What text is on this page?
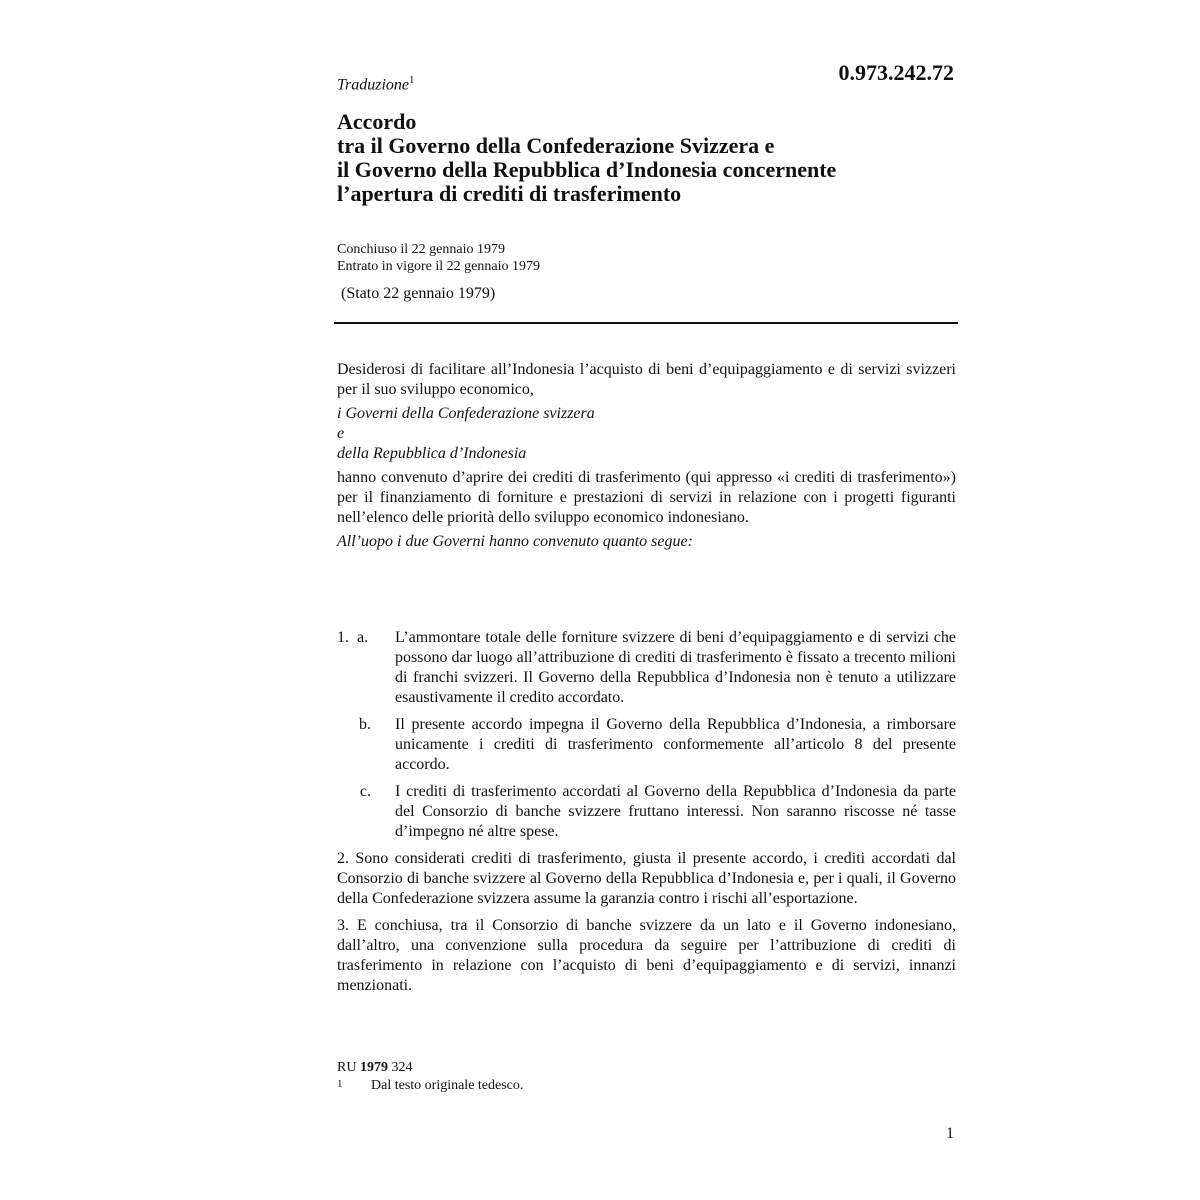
Traduzione$^1$	0.973.242.72
Accordo
tra il Governo della Confederazione Svizzera e
il Governo della Repubblica d’Indonesia concernente
l’apertura di crediti di trasferimento
Conchiuso il 22 gennaio 1979
Entrato in vigore il 22 gennaio 1979
(Stato 22 gennaio 1979)

Desiderosi di facilitare all’Indonesia l’acquisto di beni d’equipaggiamento e di servizi svizzeri per il suo sviluppo economico,

i Governi della Confederazione svizzera

e

della Repubblica d’Indonesia

hanno convenuto d’aprire dei crediti di trasferimento (qui appresso «i crediti di trasferimento») per il finanziamento di forniture e prestazioni di servizi in relazione con i progetti figuranti nell’elenco delle priorità dello sviluppo economico indonesiano.

All’uopo i due Governi hanno convenuto quanto segue:

1. a. L’ammontare totale delle forniture svizzere di beni d’equipaggiamento e di servizi che possono dar luogo all’attribuzione di crediti di trasferimento è fissato a trecento milioni di franchi svizzeri. Il Governo della Repubblica d’Indonesia non è tenuto a utilizzare esaustivamente il credito accordato.
b. Il presente accordo impegna il Governo della Repubblica d’Indonesia, a rimborsare unicamente i crediti di trasferimento conformemente all’articolo 8 del presente accordo.
c. I crediti di trasferimento accordati al Governo della Repubblica d’Indonesia da parte del Consorzio di banche svizzere fruttano interessi. Non saranno riscosse né tasse d’impegno né altre spese.

2. Sono considerati crediti di trasferimento, giusta il presente accordo, i crediti accordati dal Consorzio di banche svizzere al Governo della Repubblica d’Indonesia e, per i quali, il Governo della Confederazione svizzera assume la garanzia contro i rischi all’esportazione.

3. E conchiusa, tra il Consorzio di banche svizzere da un lato e il Governo indonesiano, dall’altro, una convenzione sulla procedura da seguire per l’attribuzione di crediti di trasferimento in relazione con l’acquisto di beni d’equipaggiamento e di servizi, innanzi menzionati.

RU 1979 324
1 Dal testo originale tedesco.
1
